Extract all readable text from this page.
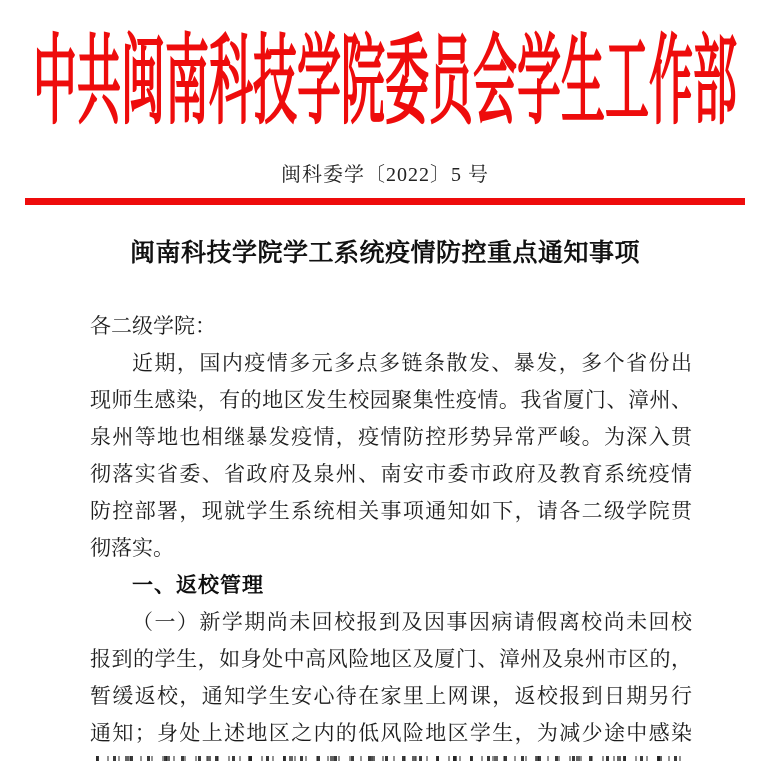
中共闽南科技学院委员会学生工作部
闽科委学〔2022〕5 号
闽南科技学院学工系统疫情防控重点通知事项
各二级学院：
近期，国内疫情多元多点多链条散发、暴发，多个省份出
现师生感染，有的地区发生校园聚集性疫情。我省厦门、漳州、
泉州等地也相继暴发疫情，疫情防控形势异常严峻。为深入贯
彻落实省委、省政府及泉州、南安市委市政府及教育系统疫情
防控部署，现就学生系统相关事项通知如下，请各二级学院贯
彻落实。
一、返校管理
（一）新学期尚未回校报到及因事因病请假离校尚未回校
报到的学生，如身处中高风险地区及厦门、漳州及泉州市区的，
暂缓返校，通知学生安心待在家里上网课，返校报到日期另行
通知；身处上述地区之内的低风险地区学生，为减少途中感染
